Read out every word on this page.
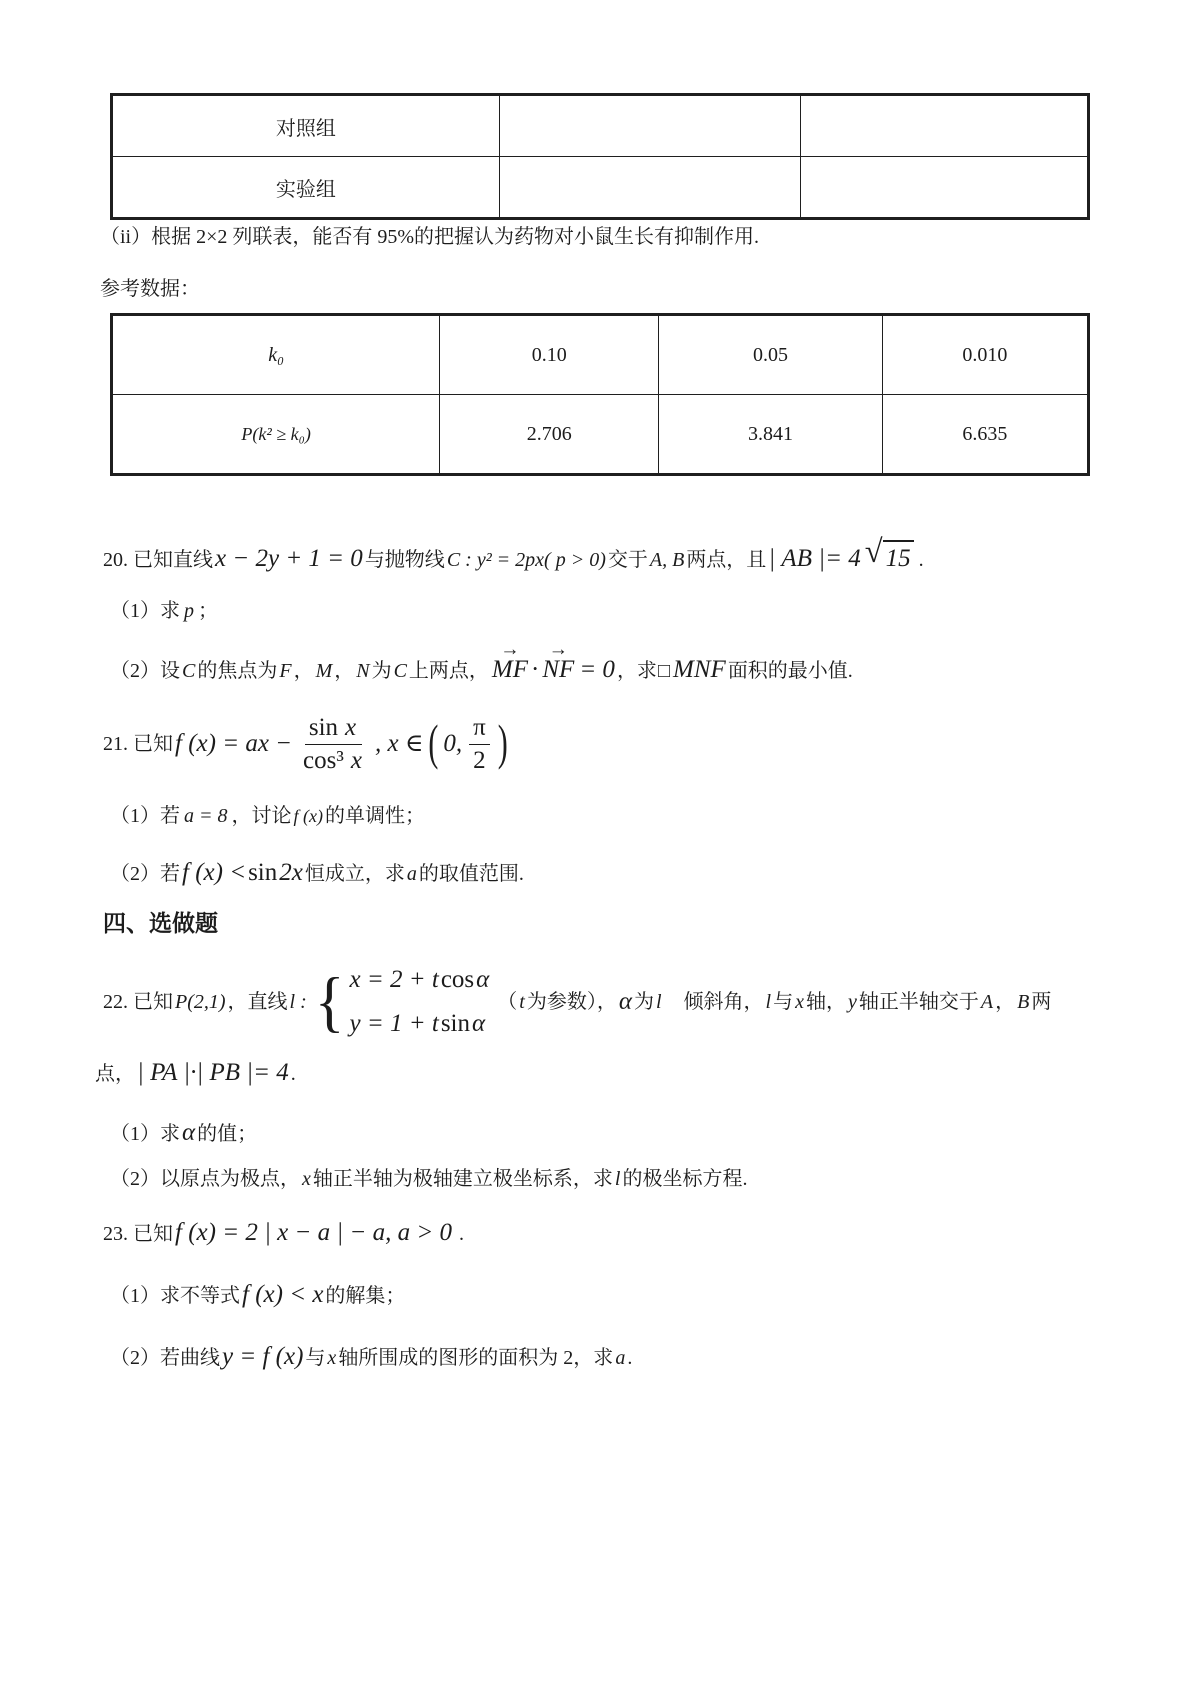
对照组		
实验组		
（ii）根据 2×2 列联表，能否有 95%的把握认为药物对小鼠生长有抑制作用.
参考数据：
k₀	0.10	0.05	0.010
P(k² ≥ k₀)	2.706	3.841	6.635
20. 已知直线x − 2y + 1 = 0 与抛物线 C : y² = 2px( p > 0) 交于 A, B 两点，且| AB |= 4 √ 15 .
（1）求 p ；
（2）设 C 的焦点为 F ， M ， N 为 C 上两点，
→
MF ·
→
NF = 0 ，求□ MNF 面积的最小值.
21.
已知 f (x) = ax − $\frac{\text{sin  x}}{\text{cos³  x}}$ , x ∈ ( 0, $\frac{\pi}{2}$ )
（1）若 a = 8 ，讨论 f (x) 的单调性；
（2）若f (x) <sin2x 恒成立，求 a 的取值范围.
四、选做题
22.
已知 P(2,1) ，直线 l : { x = 2 + tcosα
y = 1 + tsinα
（ t 为参数）， α 为 l 　倾斜角， l 与 x 轴， y 轴正半轴交于 A ， B 两
点，| PA |·| PB |= 4 .
（1）求α 的值；
（2）以原点为极点， x 轴正半轴为极轴建立极坐标系，求 l 的极坐标方程.
23. 已知f (x) = 2 | x − a | − a, a > 0 .
（1）求不等式f (x) < x 的解集；
（2）若曲线y = f (x) 与 x 轴所围成的图形的面积为 2，求 a .
